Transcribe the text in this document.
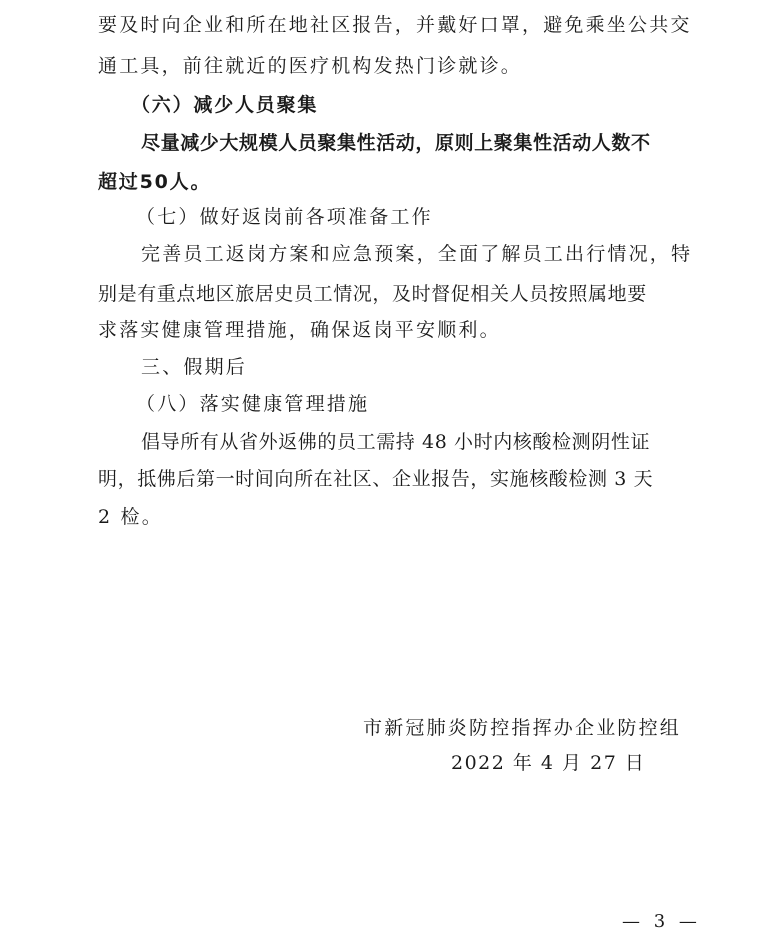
要及时向企业和所在地社区报告，并戴好口罩，避免乘坐公共交
通工具，前往就近的医疗机构发热门诊就诊。
（六）减少人员聚集
尽量减少大规模人员聚集性活动，原则上聚集性活动人数不
超过50人。
（七）做好返岗前各项准备工作
完善员工返岗方案和应急预案，全面了解员工出行情况，特
别是有重点地区旅居史员工情况，及时督促相关人员按照属地要
求落实健康管理措施，确保返岗平安顺利。
三、假期后
（八）落实健康管理措施
倡导所有从省外返佛的员工需持 48 小时内核酸检测阴性证
明，抵佛后第一时间向所在社区、企业报告，实施核酸检测 3 天
2 检。
市新冠肺炎防控指挥办企业防控组
2022 年 4 月 27 日
— 3 —
